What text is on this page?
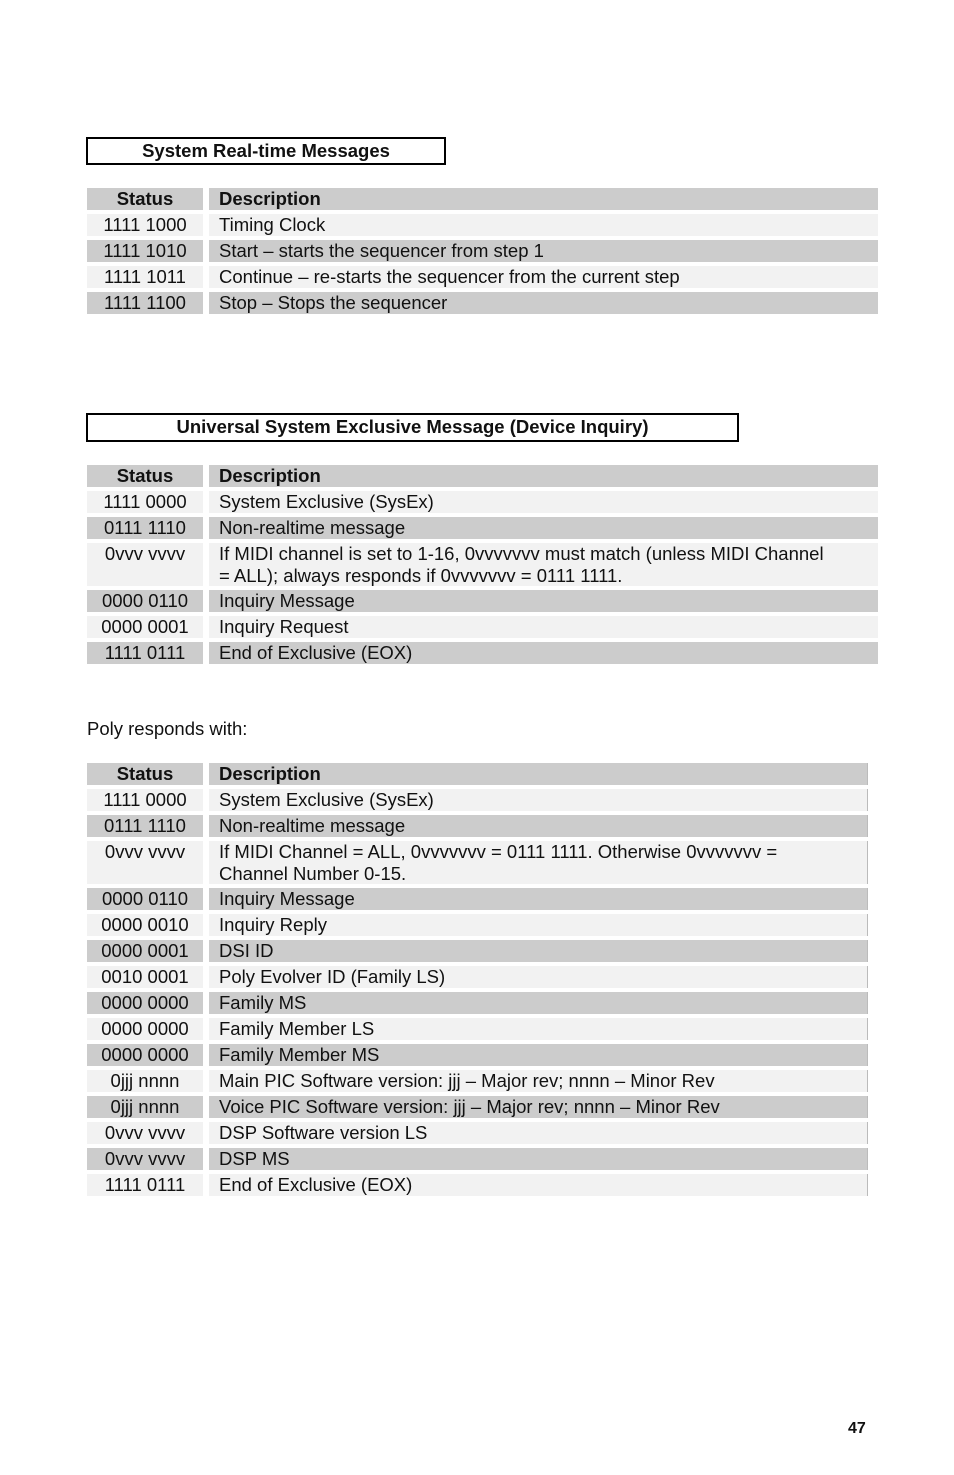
System Real-time Messages
Status	Description
1111 1000	Timing Clock
1111 1010	Start – starts the sequencer from step 1
1111 1011	Continue – re-starts the sequencer from the current step
1111 1100	Stop – Stops the sequencer
Universal System Exclusive Message (Device Inquiry)
Status	Description
1111 0000	System Exclusive (SysEx)
0111 1110	Non-realtime message
0vvv vvvv	If MIDI channel is set to 1-16, 0vvvvvvv must match (unless MIDI Channel
= ALL); always responds if 0vvvvvvv = 0111 1111.
0000 0110	Inquiry Message
0000 0001	Inquiry Request
1111 0111	End of Exclusive (EOX)
Poly responds with:
Status	Description
1111 0000	System Exclusive (SysEx)
0111 1110	Non-realtime message
0vvv vvvv	If MIDI Channel = ALL, 0vvvvvvv = 0111 1111. Otherwise 0vvvvvvv =
Channel Number 0-15.
0000 0110	Inquiry Message
0000 0010	Inquiry Reply
0000 0001	DSI ID
0010 0001	Poly Evolver ID (Family LS)
0000 0000	Family MS
0000 0000	Family Member LS
0000 0000	Family Member MS
0jjj nnnn	Main PIC Software version: jjj – Major rev; nnnn – Minor Rev
0jjj nnnn	Voice PIC Software version: jjj – Major rev; nnnn – Minor Rev
0vvv vvvv	DSP Software version LS
0vvv vvvv	DSP MS
1111 0111	End of Exclusive (EOX)
47
